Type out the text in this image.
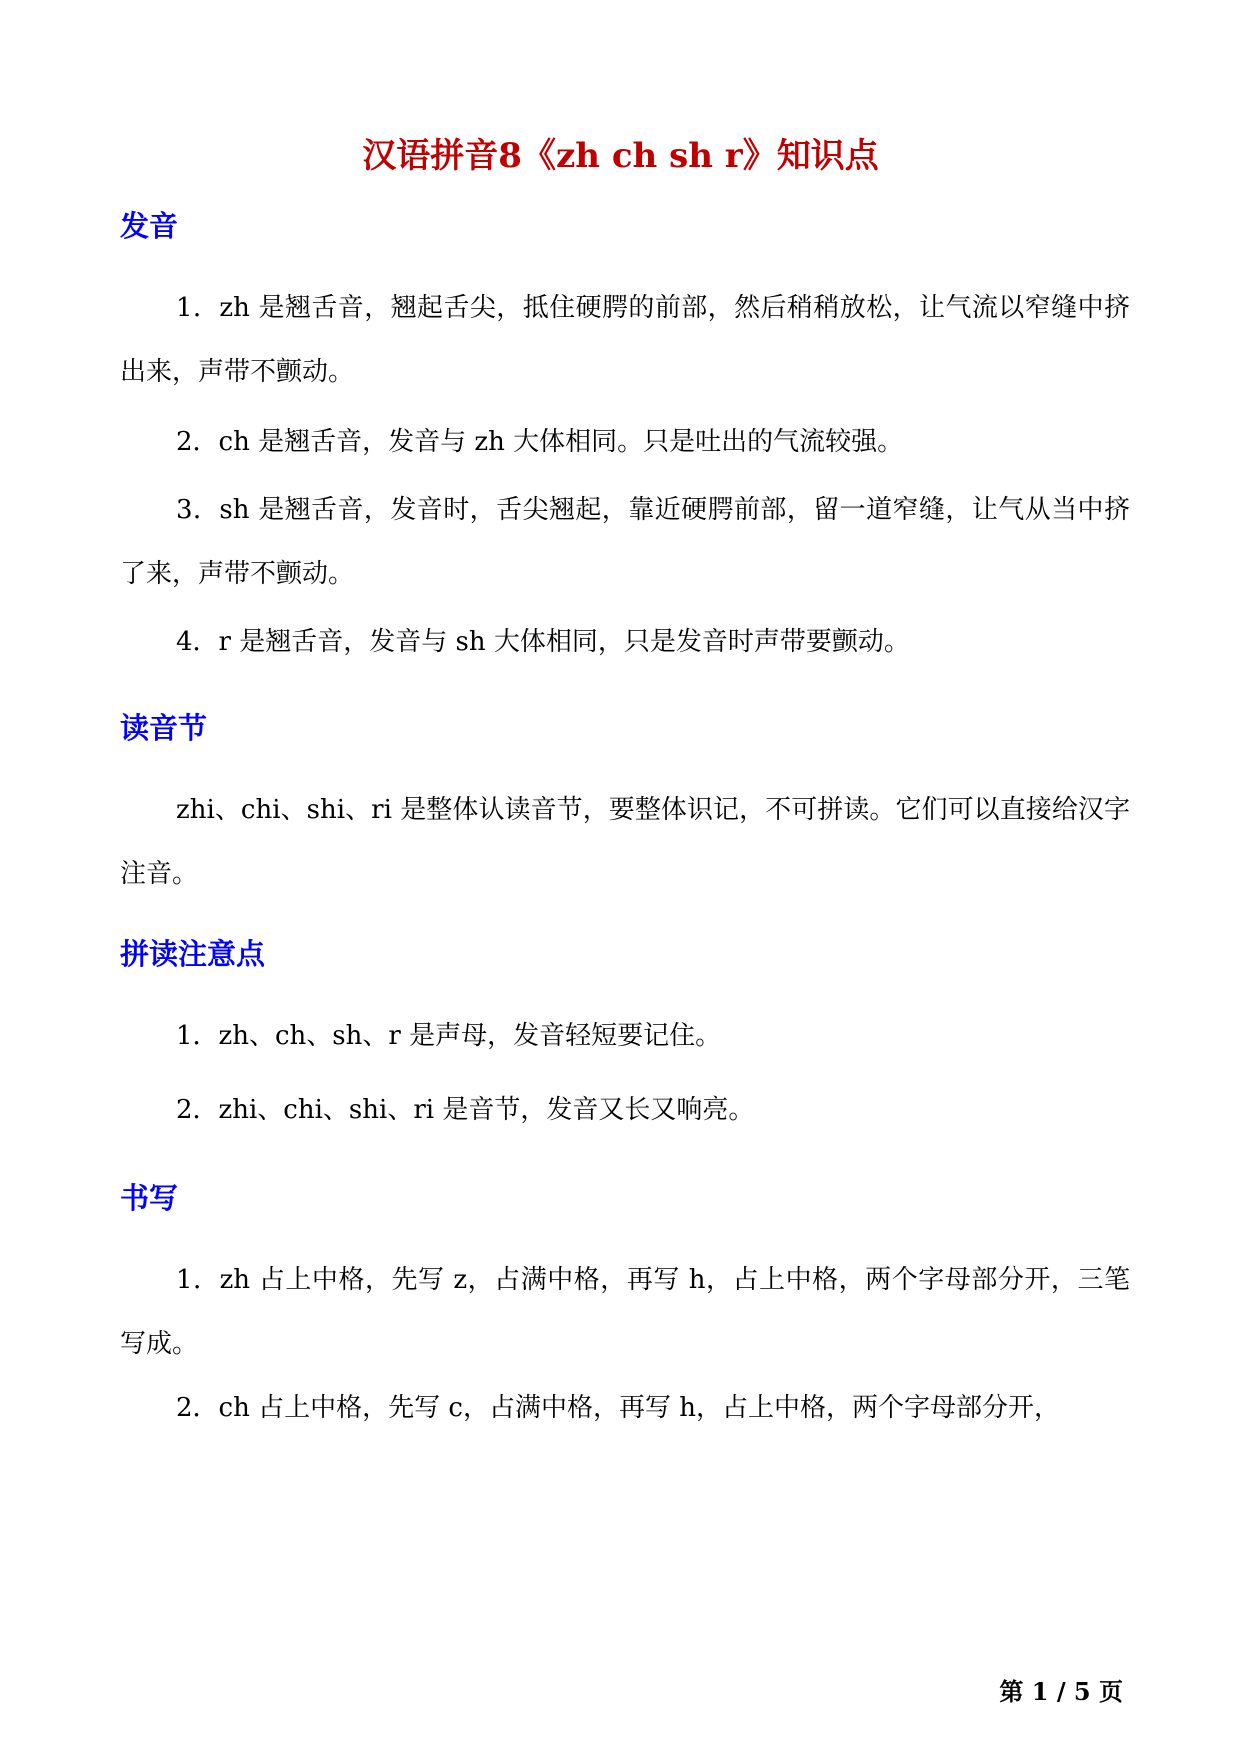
汉语拼音8《zh ch sh r》知识点
发音
1．zh 是翘舌音，翘起舌尖，抵住硬腭的前部，然后稍稍放松，让气流以窄缝中挤出来，声带不颤动。
2．ch 是翘舌音，发音与 zh 大体相同。只是吐出的气流较强。
3．sh 是翘舌音，发音时，舌尖翘起，靠近硬腭前部，留一道窄缝，让气从当中挤了来，声带不颤动。
4．r 是翘舌音，发音与 sh 大体相同，只是发音时声带要颤动。
读音节
zhi、chi、shi、ri 是整体认读音节，要整体识记，不可拼读。它们可以直接给汉字注音。
拼读注意点
1．zh、ch、sh、r 是声母，发音轻短要记住。
2．zhi、chi、shi、ri 是音节，发音又长又响亮。
书写
1．zh 占上中格，先写 z，占满中格，再写 h，占上中格，两个字母部分开，三笔写成。
2．ch 占上中格，先写 c，占满中格，再写 h，占上中格，两个字母部分开，
第 1 / 5 页
